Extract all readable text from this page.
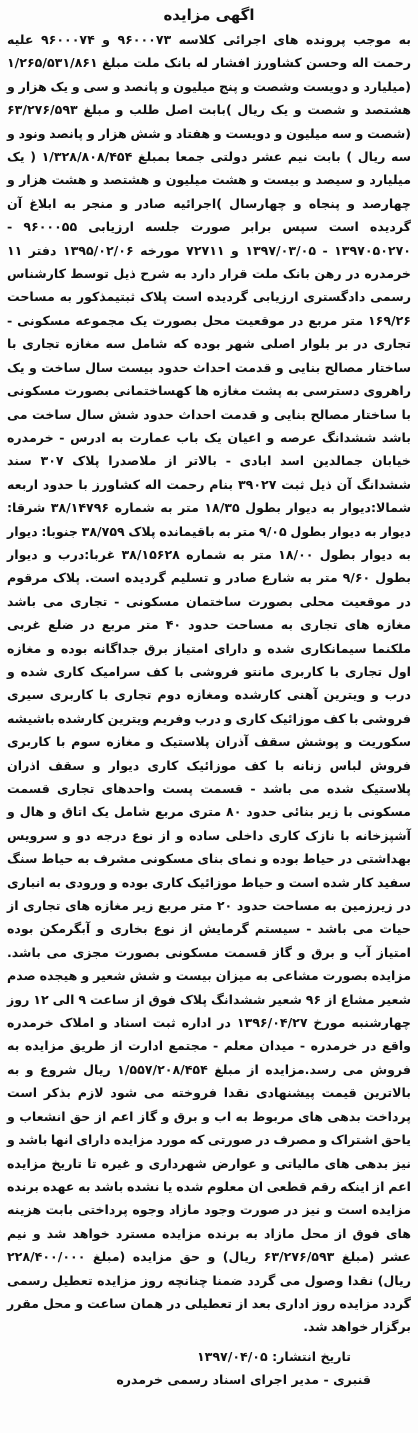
اگهی مزایده

به موجب پرونده های اجرائی کلاسه ۹۶۰۰۰۷۳ و ۹۶۰۰۰۷۴ علیه رحمت اله وحسن کشاورز افشار له بانک ملت مبلغ ۱/۲۶۵/۵۳۱/۸۶۱ (میلیارد و دویست وشصت و پنج میلیون و پانصد و سی و یک هزار و هشتصد و شصت و یک ریال )بابت اصل طلب و مبلغ ۶۳/۲۷۶/۵۹۳ (شصت و سه میلیون و دویست و هفتاد و شش هزار و پانصد ونود و سه ریال ) بابت نیم عشر دولتی جمعا بمبلغ ۱/۳۲۸/۸۰۸/۴۵۴ ( یک میلیارد و سیصد و بیست و هشت میلیون و هشتصد و هشت هزار و چهارصد و پنجاه و چهارسال )اجرائیه صادر و منجر به ابلاغ آن گردیده است سپس برابر صورت جلسه ارزیابی ۹۶۰۰۰۵۵ - ۱۳۹۷۰۵۰۲۷۰ - ۱۳۹۷/۰۳/۰۵ و ۷۲۷۱۱ مورخه ۱۳۹۵/۰۲/۰۶ دفتر ۱۱ خرمدره در رهن بانک ملت قرار دارد به شرح ذیل توسط کارشناس رسمی دادگستری ارزیابی گردیده است پلاک ثبتیمذکور به مساحت ۱۶۹/۲۶ متر مربع در موقعیت محل بصورت یک مجموعه مسکونی - تجاری در بر بلوار اصلی شهر بوده که شامل سه مغازه تجاری با ساختار مصالح بنایی و قدمت احداث حدود بیست سال ساخت و یک راهروی دسترسی به پشت مغازه ها کهساختمانی بصورت مسکونی با ساختار مصالح بنایی و قدمت احداث حدود شش سال ساخت می باشد ششدانگ عرصه و اعیان یک باب عمارت به ادرس - خرمدره خیابان جمالدین اسد ابادی - بالاتر از ملاصدرا پلاک ۳۰۷ سند ششدانگ آن ذیل ثبت ۳۹۰۲۷ بنام رحمت اله کشاورز با حدود اربعه شمالا:دیوار به دیوار بطول ۱۸/۳۵ متر به شماره ۳۸/۱۴۷۹۶ شرقا: دیوار به دیوار بطول ۹/۰۵ متر به باقیمانده پلاک ۳۸/۷۵۹ جنوبا: دیوار به دیوار بطول ۱۸/۰۰ متر به شماره ۳۸/۱۵۶۲۸ غربا:درب و دیوار بطول ۹/۶۰ متر به شارع صادر و تسلیم گردیده است. پلاک مرقوم در موقعیت محلی بصورت ساختمان مسکونی - تجاری می باشد مغازه های تجاری به مساحت حدود ۴۰ متر مربع در ضلع غربی ملکنما سیمانکاری شده و دارای امتیاز برق جداگانه بوده و مغازه اول تجاری با کاربری مانتو فروشی با کف سرامیک کاری شده و درب و ویترین آهنی کارشده ومغازه دوم تجاری با کاربری سیری فروشی با کف موزائیک کاری و درب وفریم ویترین کارشده باشیشه سکوریت و پوشش سقف آذران پلاستیک و مغازه سوم با کاربری فروش لباس زنانه با کف موزائیک کاری دیوار و سقف اذران پلاستیک شده می باشد - قسمت پست واحدهای تجاری قسمت مسکونی با زیر بنائی حدود ۸۰ متری مربع شامل یک اتاق و هال و آشپزخانه با نازک کاری داخلی ساده و از نوع درجه دو و سرویس بهداشتی در حیاط بوده و نمای بنای مسکونی مشرف به حیاط سنگ سفید کار شده است و حیاط موزائیک کاری بوده و ورودی به انباری در زیرزمین به مساحت حدود ۲۰ متر مربع زیر مغازه های تجاری از حیات می باشد - سیستم گرمایش از نوع بخاری و آبگرمکن بوده امتیاز آب و برق و گاز قسمت مسکونی بصورت مجزی می باشد. مزایده بصورت مشاعی به میزان بیست و شش شعیر و هیجده صدم شعیر مشاع از ۹۶ شعیر ششدانگ پلاک فوق از ساعت ۹ الی ۱۲ روز چهارشنبه مورخ ۱۳۹۶/۰۴/۲۷ در اداره ثبت اسناد و املاک خرمدره واقع در خرمدره - میدان معلم - مجتمع ادارت از طریق مزایده به فروش می رسد.مزایده از مبلغ ۱/۵۵۷/۲۰۸/۴۵۴ ریال شروع و به بالاترین قیمت پیشنهادی نقدا فروخته می شود لازم بذکر است پرداخت بدهی های مربوط به اب و برق و گاز اعم از حق انشعاب و یاحق اشتراک و مصرف در صورتی که مورد مزایده دارای انها باشد و نیز بدهی های مالیاتی و عوارض شهرداری و غیره تا تاریخ مزایده اعم از اینکه رقم قطعی ان معلوم شده یا نشده باشد به عهده برنده مزایده است و نیز در صورت وجود مازاد وجوه پرداختی بابت هزینه های فوق از محل مازاد به برنده مزایده مسترد خواهد شد و نیم عشر (مبلغ ۶۳/۲۷۶/۵۹۳ ریال) و حق مزایده (مبلغ ۲۲۸/۴۰۰/۰۰۰ ریال) نقدا وصول می گردد ضمنا چنانچه روز مزایده تعطیل رسمی گردد مزایده روز اداری بعد از تعطیلی در همان ساعت و محل مقرر برگزار خواهد شد.

تاریخ انتشار: ۱۳۹۷/۰۴/۰۵
قنبری - مدیر اجرای اسناد رسمی خرمدره
